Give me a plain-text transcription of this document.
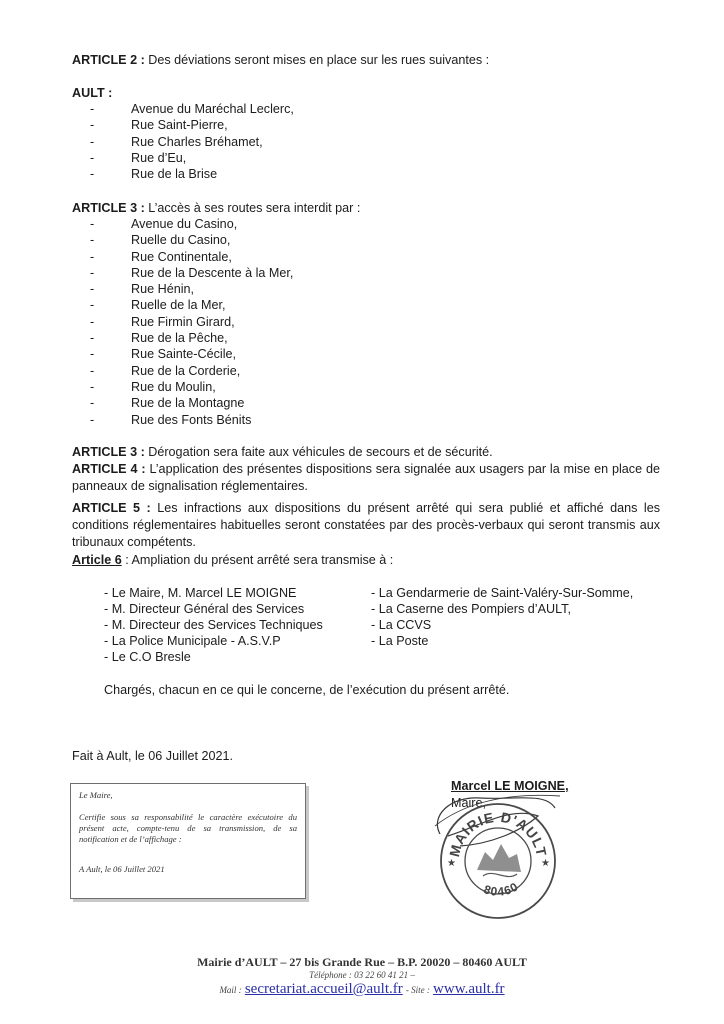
ARTICLE 2 : Des déviations seront mises en place sur les rues suivantes :
AULT :
-	Avenue du Maréchal Leclerc,
-	Rue Saint-Pierre,
-	Rue Charles Bréhamet,
-	Rue d’Eu,
-	Rue de la Brise
ARTICLE 3 : L’accès à ses routes sera interdit par :
-	Avenue du Casino,
-	Ruelle du Casino,
-	Rue Continentale,
-	Rue de la Descente à la Mer,
-	Rue Hénin,
-	Ruelle de la Mer,
-	Rue Firmin Girard,
-	Rue de la Pêche,
-	Rue Sainte-Cécile,
-	Rue de la Corderie,
-	Rue du Moulin,
-	Rue de la Montagne
-	Rue des Fonts Bénits
ARTICLE 3 : Dérogation sera faite aux véhicules de secours et de sécurité.
ARTICLE 4 : L’application des présentes dispositions sera signalée aux usagers par la mise en place de panneaux de signalisation réglementaires.
ARTICLE 5 : Les infractions aux dispositions du présent arrêté qui sera publié et affiché dans les conditions réglementaires habituelles seront constatées par des procès-verbaux qui seront transmis aux tribunaux compétents.
Article 6 : Ampliation du présent arrêté sera transmise à :
- Le Maire, M. Marcel LE MOIGNE
- M. Directeur Général des Services
- M. Directeur des Services Techniques
- La Police Municipale - A.S.V.P
- Le C.O Bresle
- La Gendarmerie de Saint-Valéry-Sur-Somme,
- La Caserne des Pompiers d’AULT,
- La CCVS
- La Poste
Chargés, chacun en ce qui le concerne, de l’exécution du présent arrêté.
Fait à Ault, le 06 Juillet 2021.
Le Maire,
Certifie sous sa responsabilité le caractère exécutoire du présent acte, compte-tenu de sa transmission, de sa notification et de l’affichage :
A Ault, le 06 Juillet 2021
Marcel LE MOIGNE,
Maire,
MAIRIE D'AULT
80460
★	★
Mairie d’AULT – 27 bis Grande Rue – B.P. 20020 – 80460 AULT
Téléphone : 03 22 60 41 21 –
Mail : secretariat.accueil@ault.fr - Site : www.ault.fr
